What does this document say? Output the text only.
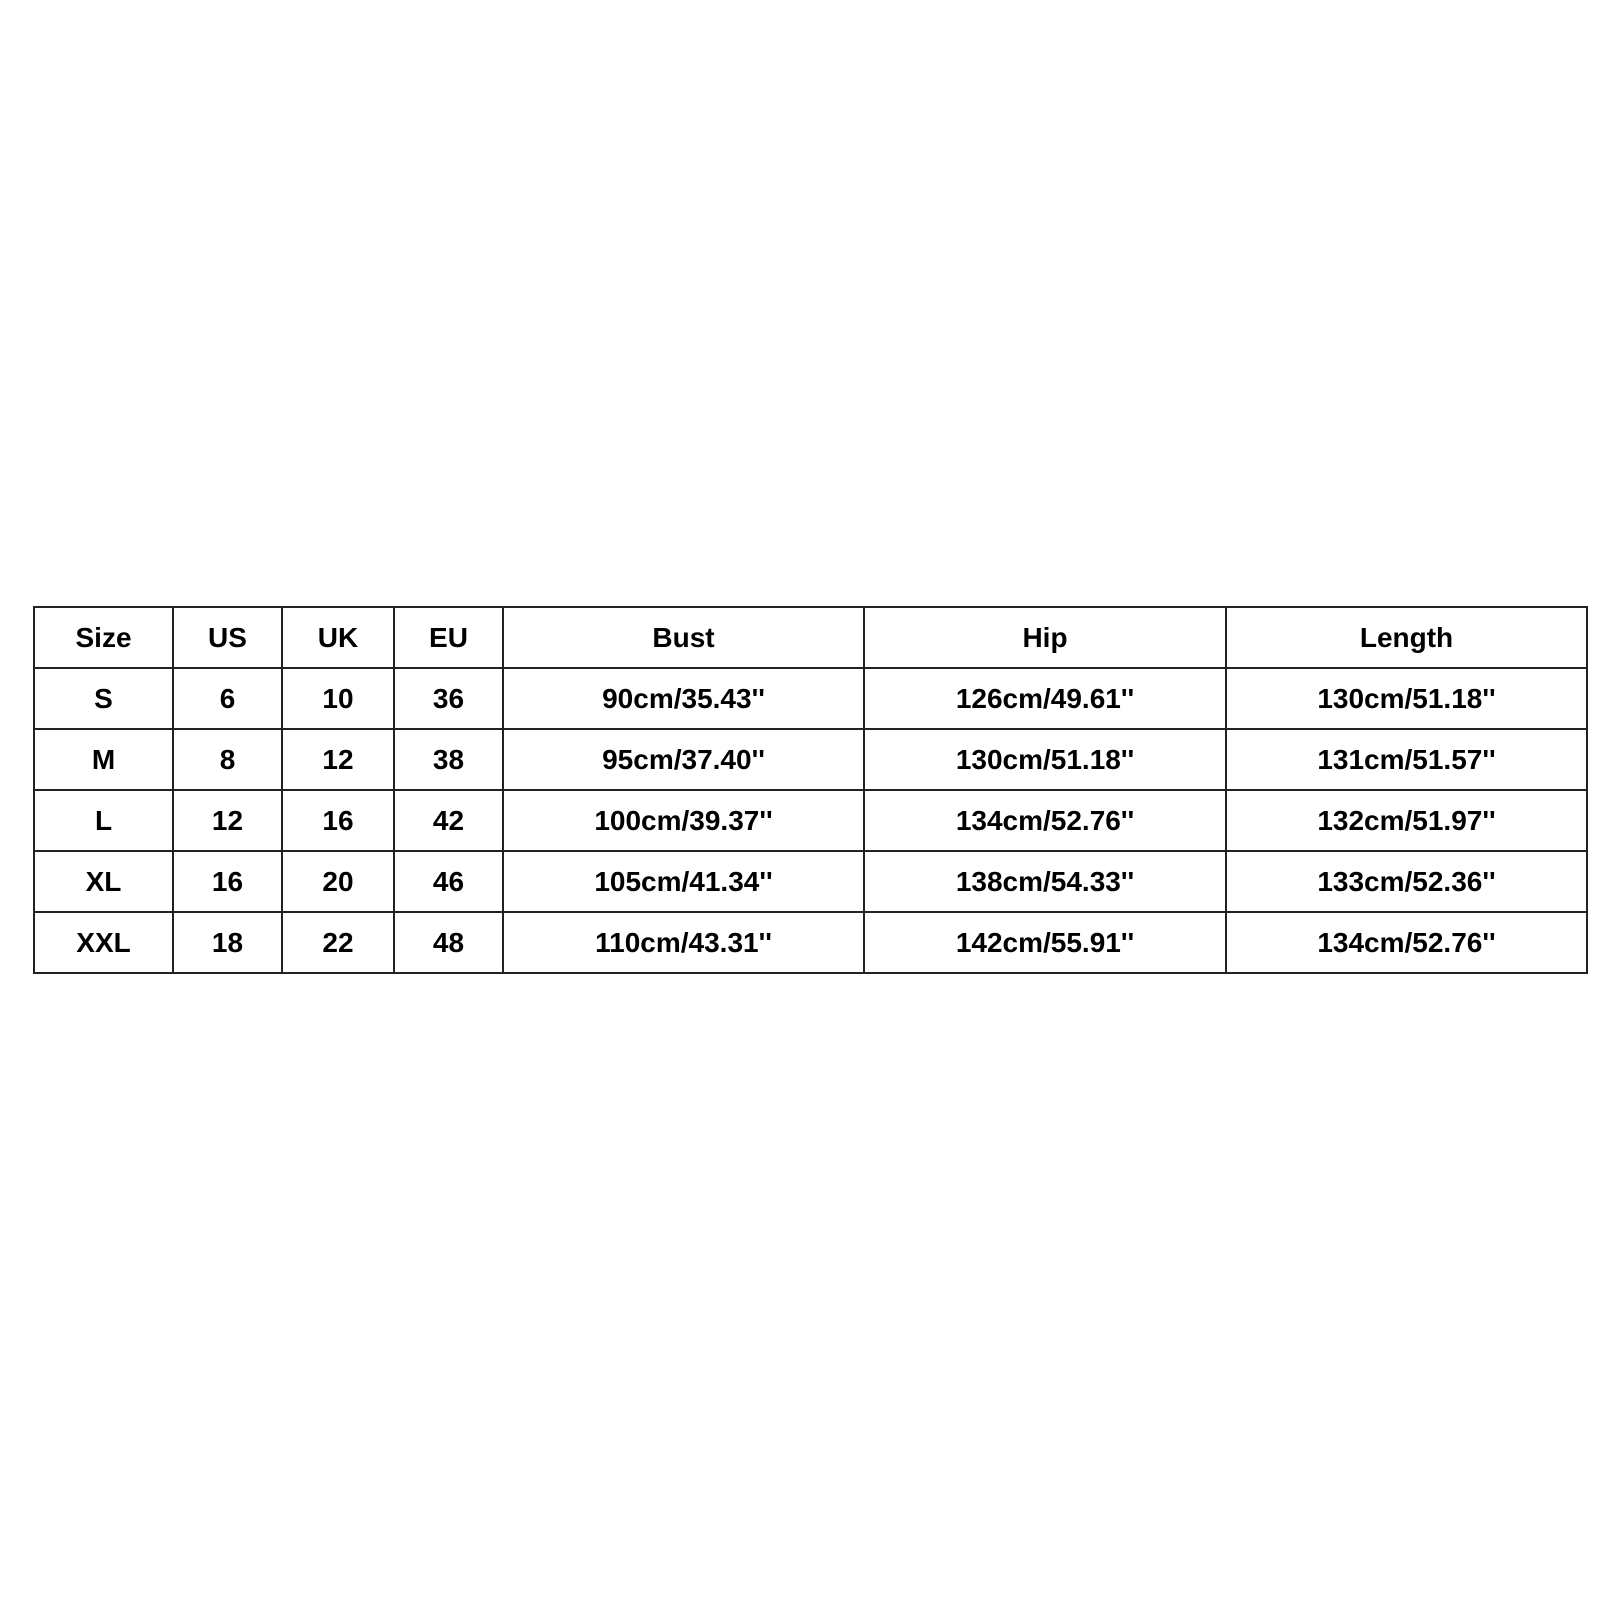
Size	US	UK	EU	Bust	Hip	Length
S	6	10	36	90cm/35.43''	126cm/49.61''	130cm/51.18''
M	8	12	38	95cm/37.40''	130cm/51.18''	131cm/51.57''
L	12	16	42	100cm/39.37''	134cm/52.76''	132cm/51.97''
XL	16	20	46	105cm/41.34''	138cm/54.33''	133cm/52.36''
XXL	18	22	48	110cm/43.31''	142cm/55.91''	134cm/52.76''
